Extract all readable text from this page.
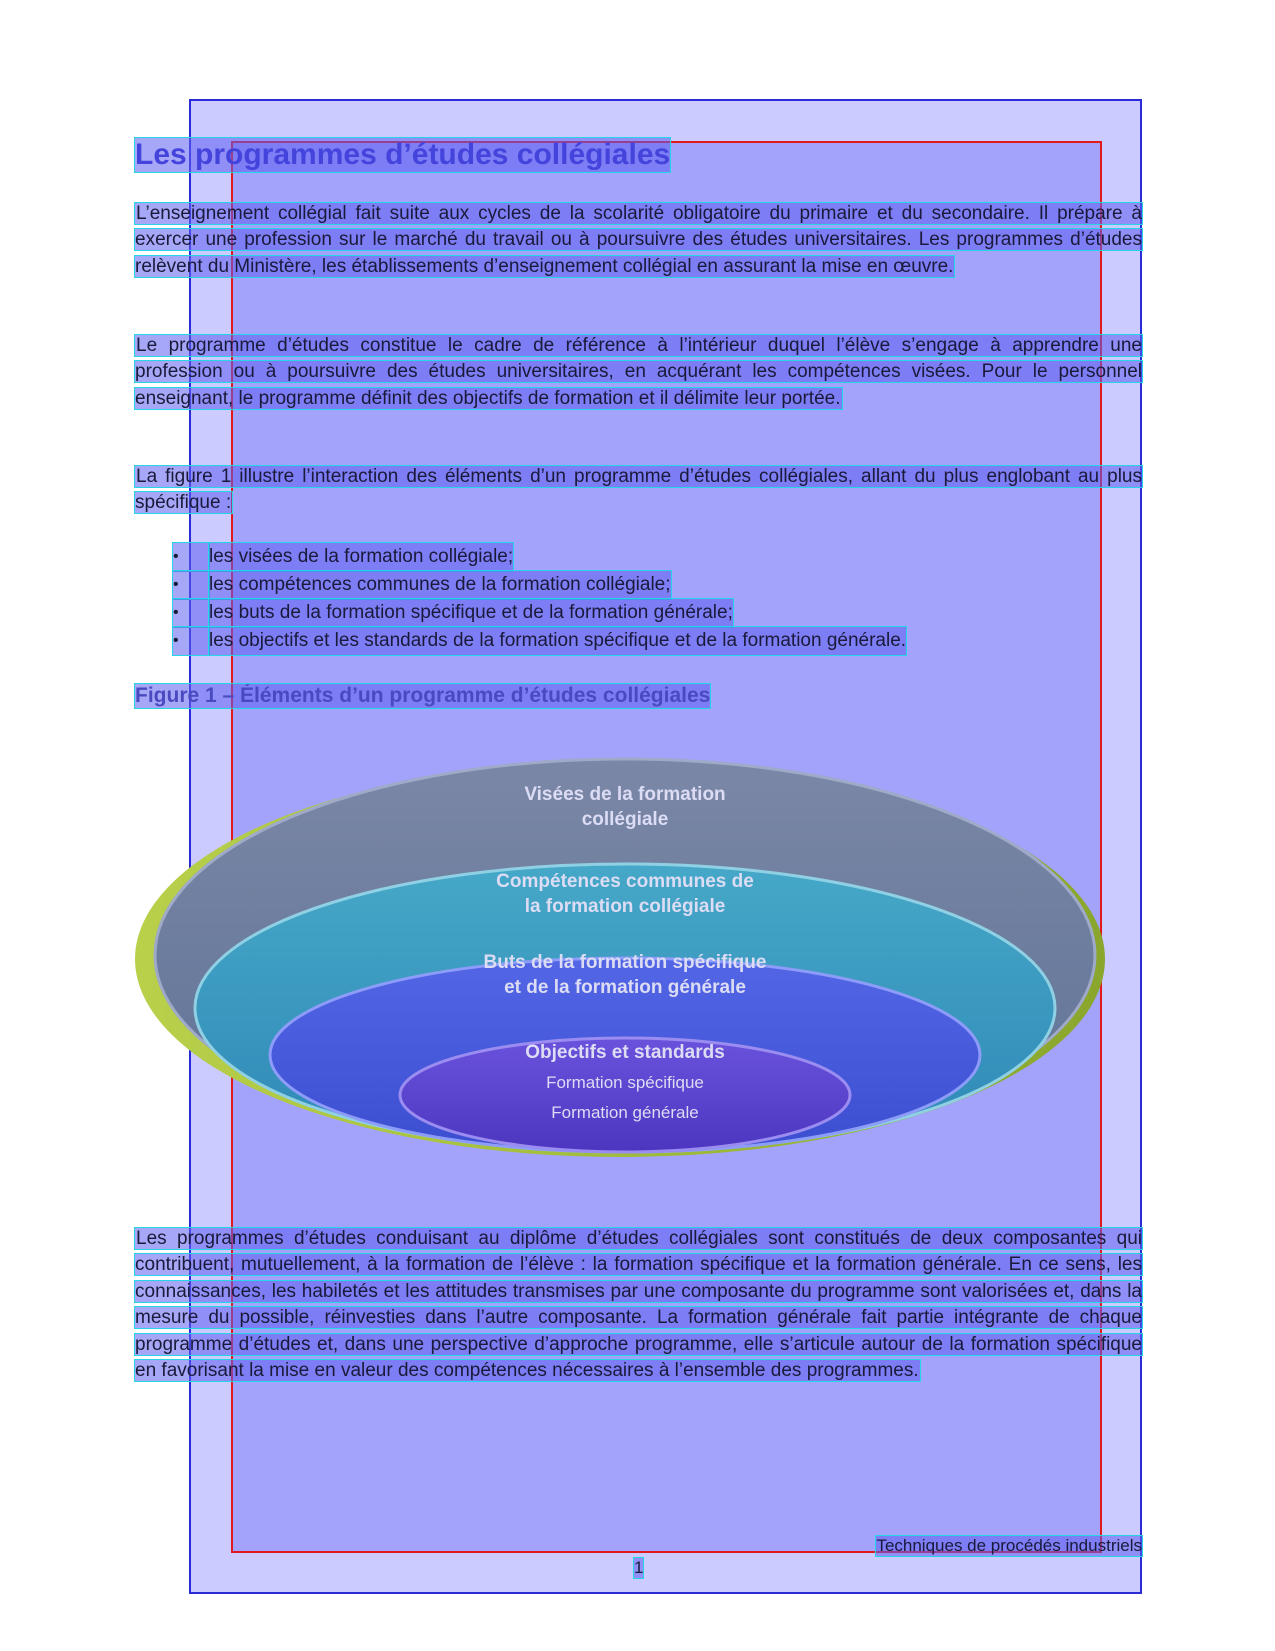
Les programmes d’études collégiales

L’enseignement collégial fait suite aux cycles de la scolarité obligatoire du primaire et du secondaire. Il prépare à exercer une profession sur le marché du travail ou à poursuivre des études universitaires. Les programmes d’études relèvent du Ministère, les établissements d’enseignement collégial en assurant la mise en œuvre.

Le programme d’études constitue le cadre de référence à l’intérieur duquel l’élève s’engage à apprendre une profession ou à poursuivre des études universitaires, en acquérant les compétences visées. Pour le personnel enseignant, le programme définit des objectifs de formation et il délimite leur portée.

La figure 1 illustre l’interaction des éléments d’un programme d’études collégiales, allant du plus englobant au plus spécifique :

•	les visées de la formation collégiale;
•	les compétences communes de la formation collégiale;
•	les buts de la formation spécifique et de la formation générale;
•	les objectifs et les standards de la formation spécifique et de la formation générale.
Figure 1 – Éléments d’un programme d’études collégiales
Visées de la formation
collégiale
Compétences communes de
la formation collégiale
Buts de la formation spécifique
et de la formation générale
Objectifs et standards
Formation spécifique
Formation générale

Les programmes d’études conduisant au diplôme d’études collégiales sont constitués de deux composantes qui contribuent, mutuellement, à la formation de l’élève : la formation spécifique et la formation générale. En ce sens, les connaissances, les habiletés et les attitudes transmises par une composante du programme sont valorisées et, dans la mesure du possible, réinvesties dans l’autre composante. La formation générale fait partie intégrante de chaque programme d’études et, dans une perspective d’approche programme, elle s’articule autour de la formation spécifique en favorisant la mise en valeur des compétences nécessaires à l’ensemble des programmes.

Techniques de procédés industriels
1
